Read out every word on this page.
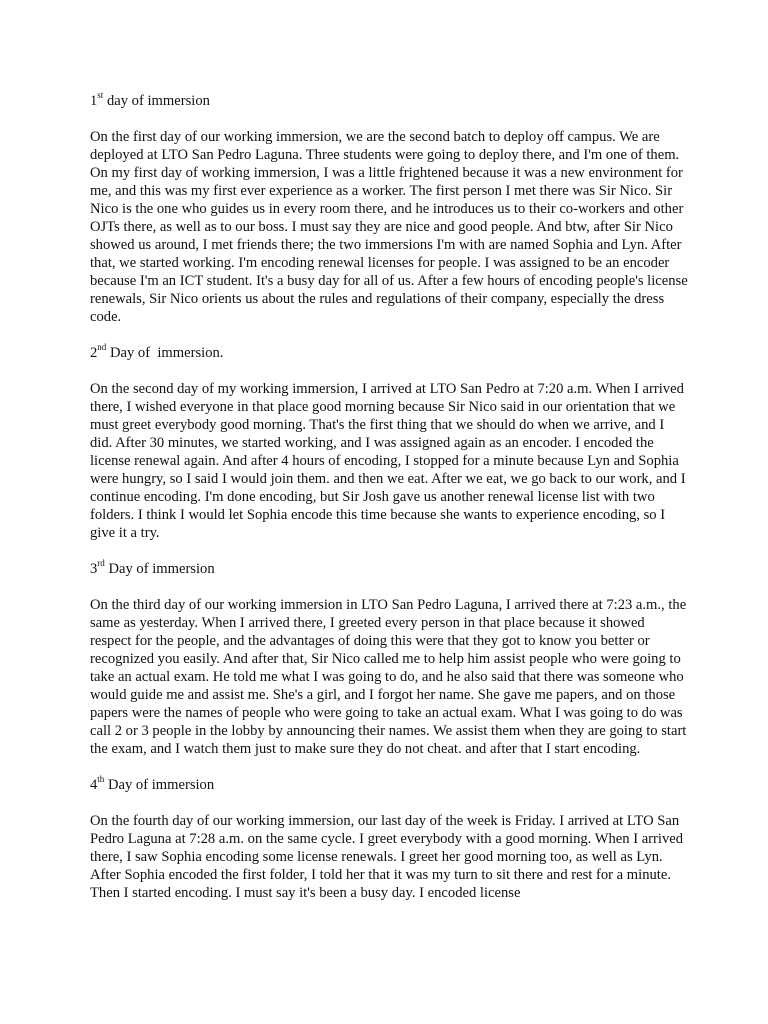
1st day of immersion

On the first day of our working immersion, we are the second batch to deploy off campus. We are deployed at LTO San Pedro Laguna. Three students were going to deploy there, and I'm one of them. On my first day of working immersion, I was a little frightened because it was a new environment for me, and this was my first ever experience as a worker. The first person I met there was Sir Nico. Sir Nico is the one who guides us in every room there, and he introduces us to their co-workers and other OJTs there, as well as to our boss. I must say they are nice and good people. And btw, after Sir Nico showed us around, I met friends there; the two immersions I'm with are named Sophia and Lyn. After that, we started working. I'm encoding renewal licenses for people. I was assigned to be an encoder because I'm an ICT student. It's a busy day for all of us. After a few hours of encoding people's license renewals, Sir Nico orients us about the rules and regulations of their company, especially the dress code.

2nd Day of  immersion.

On the second day of my working immersion, I arrived at LTO San Pedro at 7:20 a.m. When I arrived there, I wished everyone in that place good morning because Sir Nico said in our orientation that we must greet everybody good morning. That's the first thing that we should do when we arrive, and I did. After 30 minutes, we started working, and I was assigned again as an encoder. I encoded the license renewal again. And after 4 hours of encoding, I stopped for a minute because Lyn and Sophia were hungry, so I said I would join them. and then we eat. After we eat, we go back to our work, and I continue encoding. I'm done encoding, but Sir Josh gave us another renewal license list with two folders. I think I would let Sophia encode this time because she wants to experience encoding, so I give it a try.

3rd Day of immersion

On the third day of our working immersion in LTO San Pedro Laguna, I arrived there at 7:23 a.m., the same as yesterday. When I arrived there, I greeted every person in that place because it showed respect for the people, and the advantages of doing this were that they got to know you better or recognized you easily. And after that, Sir Nico called me to help him assist people who were going to take an actual exam. He told me what I was going to do, and he also said that there was someone who would guide me and assist me. She's a girl, and I forgot her name. She gave me papers, and on those papers were the names of people who were going to take an actual exam. What I was going to do was call 2 or 3 people in the lobby by announcing their names. We assist them when they are going to start the exam, and I watch them just to make sure they do not cheat. and after that I start encoding.

4th Day of immersion

On the fourth day of our working immersion, our last day of the week is Friday. I arrived at LTO San Pedro Laguna at 7:28 a.m. on the same cycle. I greet everybody with a good morning. When I arrived there, I saw Sophia encoding some license renewals. I greet her good morning too, as well as Lyn. After Sophia encoded the first folder, I told her that it was my turn to sit there and rest for a minute. Then I started encoding. I must say it's been a busy day. I encoded license
